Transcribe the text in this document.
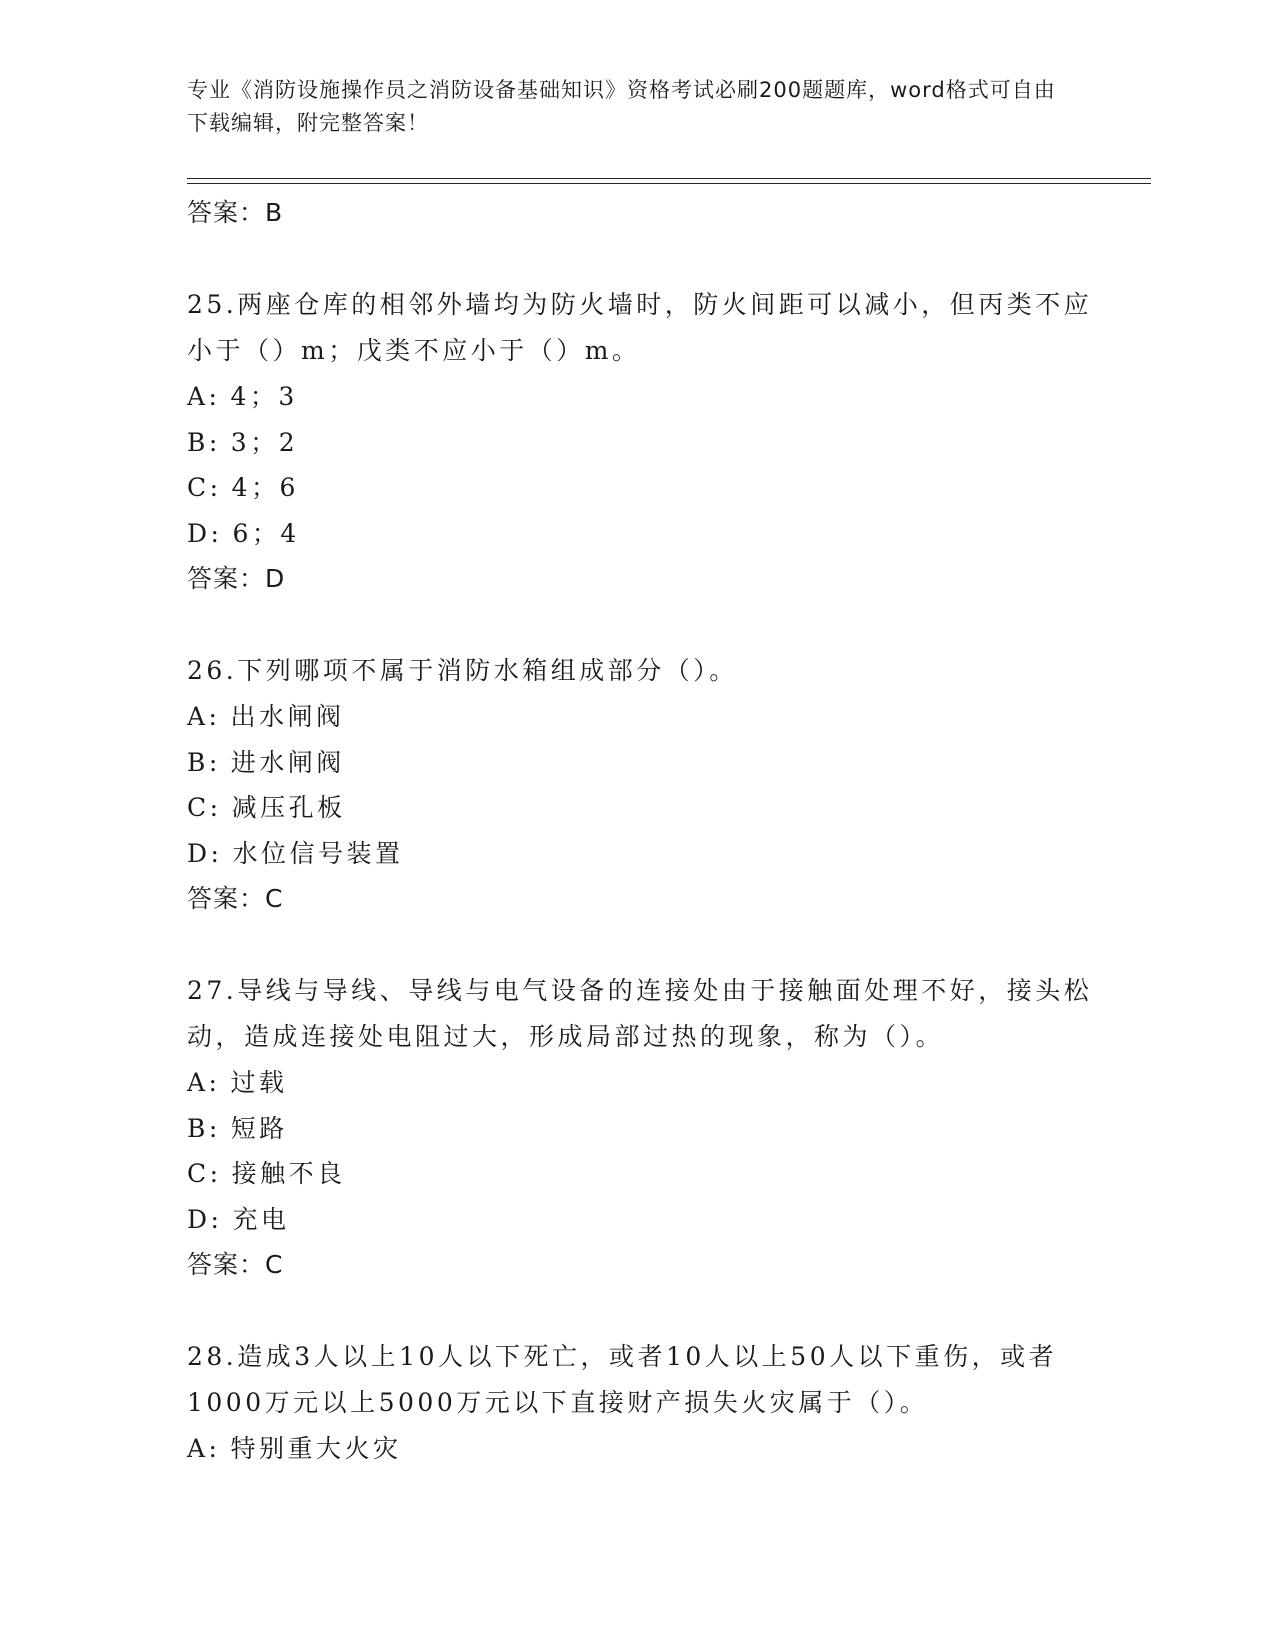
专业《消防设施操作员之消防设备基础知识》资格考试必刷200题题库，word格式可自由下载编辑，附完整答案！
答案：B

25.两座仓库的相邻外墙均为防火墙时，防火间距可以减小，但丙类不应小于（）m；戊类不应小于（）m。

A: 4；3
B: 3；2
C: 4；6
D: 6；4
答案：D

26.下列哪项不属于消防水箱组成部分（）。

A: 出水闸阀
B: 进水闸阀
C: 减压孔板
D: 水位信号装置
答案：C

27.导线与导线、导线与电气设备的连接处由于接触面处理不好，接头松动，造成连接处电阻过大，形成局部过热的现象，称为（）。

A: 过载
B: 短路
C: 接触不良
D: 充电
答案：C

28.造成3人以上10人以下死亡，或者10人以上50人以下重伤，或者1000万元以上5000万元以下直接财产损失火灾属于（）。

A: 特别重大火灾
